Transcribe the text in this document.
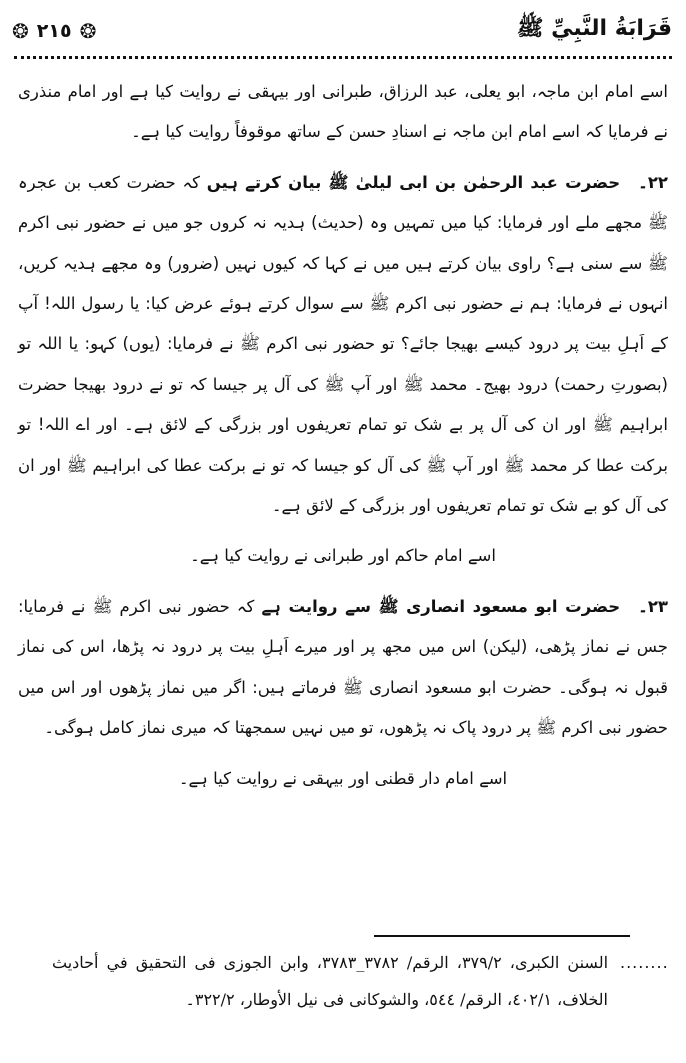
قَرَابَةُ النَّبِيِّ ﷺ
❂ ٢١٥ ❂

اسے امام ابن ماجہ، ابو یعلی، عبد الرزاق، طبرانی اور بیہقی نے روایت کیا ہے اور امام منذری نے فرمایا کہ اسے امام ابن ماجہ نے اسنادِ حسن کے ساتھ موقوفاً روایت کیا ہے۔

٢٢۔حضرت عبد الرحمٰن بن ابی لیلیٰ ﷺ بیان کرتے ہیں کہ حضرت کعب بن عجرہ ﷺ مجھے ملے اور فرمایا: کیا میں تمہیں وہ (حدیث) ہدیہ نہ کروں جو میں نے حضور نبی اکرم ﷺ سے سنی ہے؟ راوی بیان کرتے ہیں میں نے کہا کہ کیوں نہیں (ضرور) وہ مجھے ہدیہ کریں، انہوں نے فرمایا: ہم نے حضور نبی اکرم ﷺ سے سوال کرتے ہوئے عرض کیا: یا رسول اللہ! آپ کے اَہلِ بیت پر درود کیسے بھیجا جائے؟ تو حضور نبی اکرم ﷺ نے فرمایا: (یوں) کہو: یا اللہ تو (بصورتِ رحمت) درود بھیج۔ محمد ﷺ اور آپ ﷺ کی آل پر جیسا کہ تو نے درود بھیجا حضرت ابراہیم ﷺ اور ان کی آل پر بے شک تو تمام تعریفوں اور بزرگی کے لائق ہے۔ اور اے اللہ! تو برکت عطا کر محمد ﷺ اور آپ ﷺ کی آل کو جیسا کہ تو نے برکت عطا کی ابراہیم ﷺ اور ان کی آل کو بے شک تو تمام تعریفوں اور بزرگی کے لائق ہے۔

اسے امام حاکم اور طبرانی نے روایت کیا ہے۔

٢٣۔حضرت ابو مسعود انصاری ﷺ سے روایت ہے کہ حضور نبی اکرم ﷺ نے فرمایا: جس نے نماز پڑھی، (لیکن) اس میں مجھ پر اور میرے اَہلِ بیت پر درود نہ پڑھا، اس کی نماز قبول نہ ہوگی۔ حضرت ابو مسعود انصاری ﷺ فرماتے ہیں: اگر میں نماز پڑھوں اور اس میں حضور نبی اکرم ﷺ پر درود پاک نہ پڑھوں، تو میں نہیں سمجھتا کہ میری نماز کامل ہوگی۔

اسے امام دار قطنی اور بیہقی نے روایت کیا ہے۔

........
السنن الكبرى، ٣٧٩/٢، الرقم/ ٣٧٨٢_٣٧٨٣، وابن الجوزى فى التحقيق في أحاديث الخلاف، ٤٠٢/١، الرقم/ ٥٤٤، والشوكانى فى نيل الأوطار، ٣٢٢/٢۔
